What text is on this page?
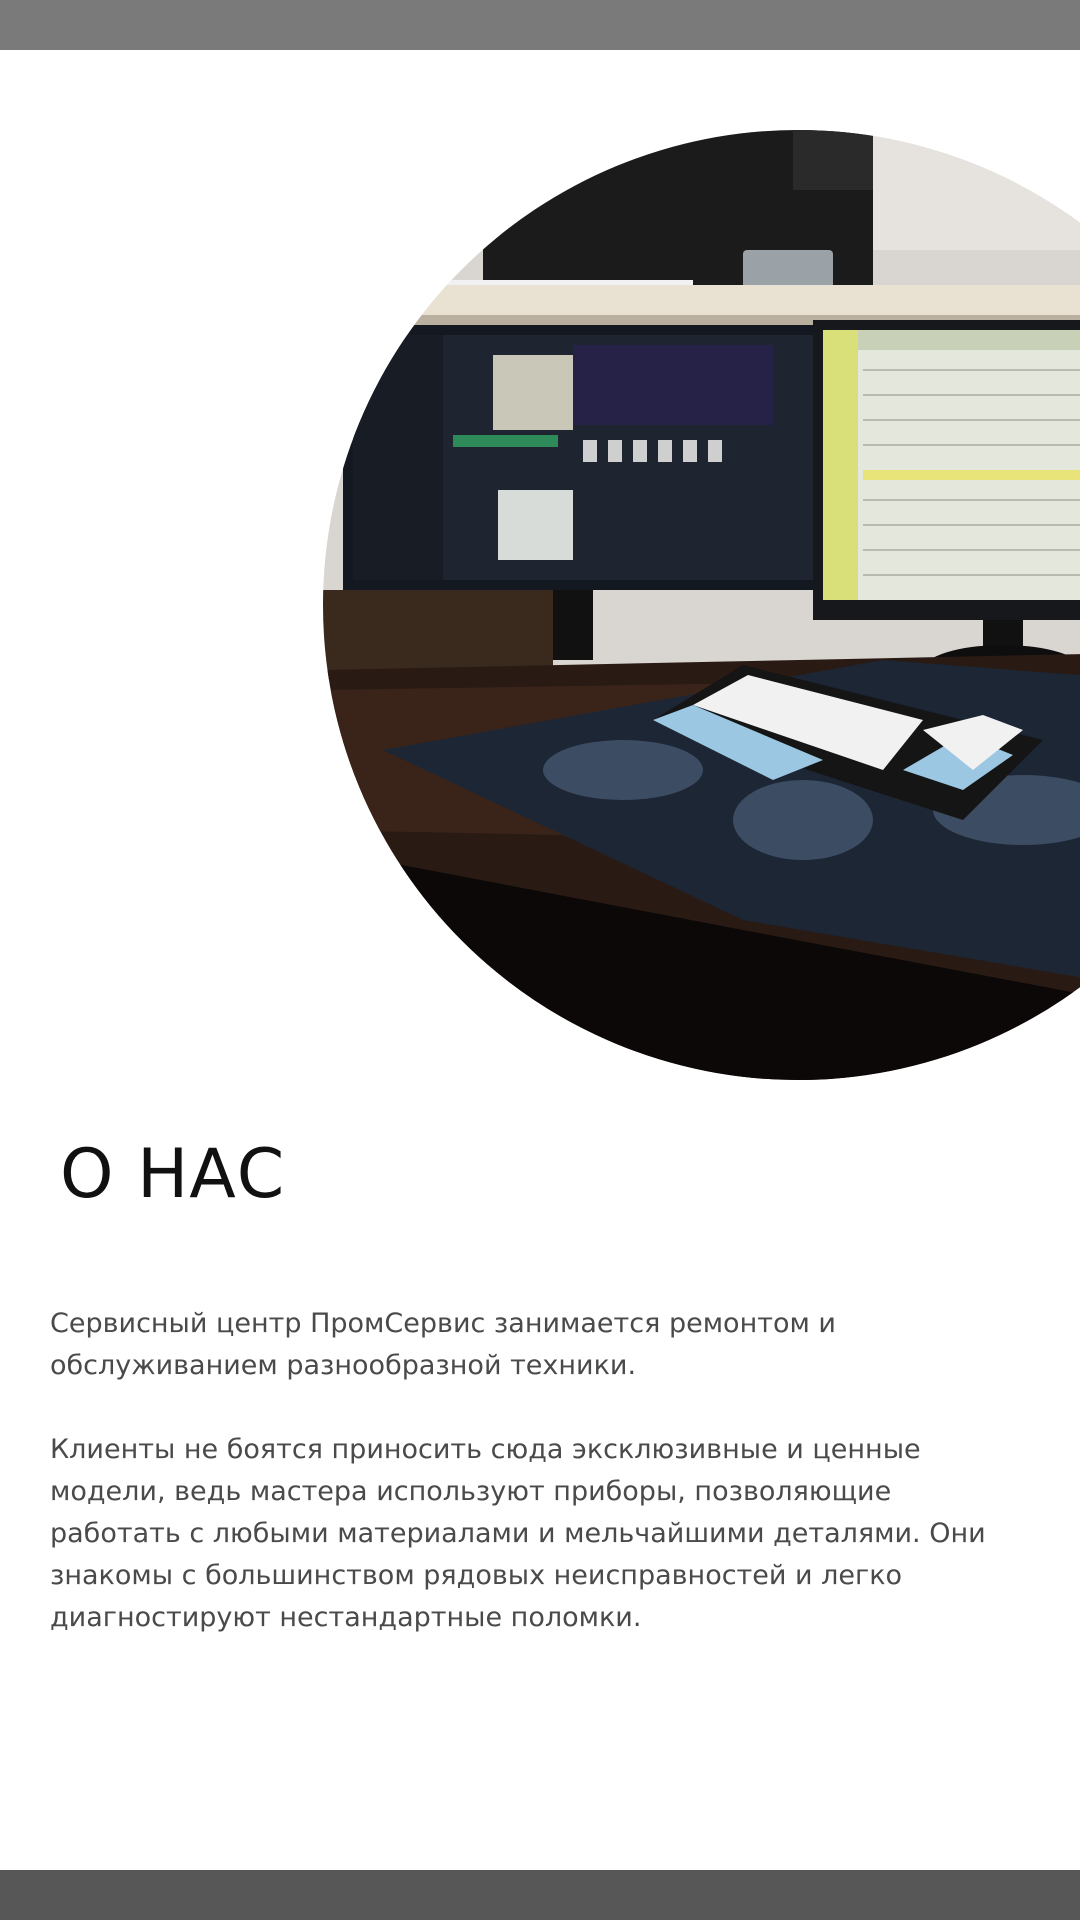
О НАС

Сервисный центр ПромСервис занимается ремонтом и обслуживанием разнообразной техники.

Клиенты не боятся приносить сюда эксклюзивные и ценные модели, ведь мастера используют приборы, позволяющие работать с любыми материалами и мельчайшими деталями. Они знакомы с большинством рядовых неисправностей и легко диагностируют нестандартные поломки.
